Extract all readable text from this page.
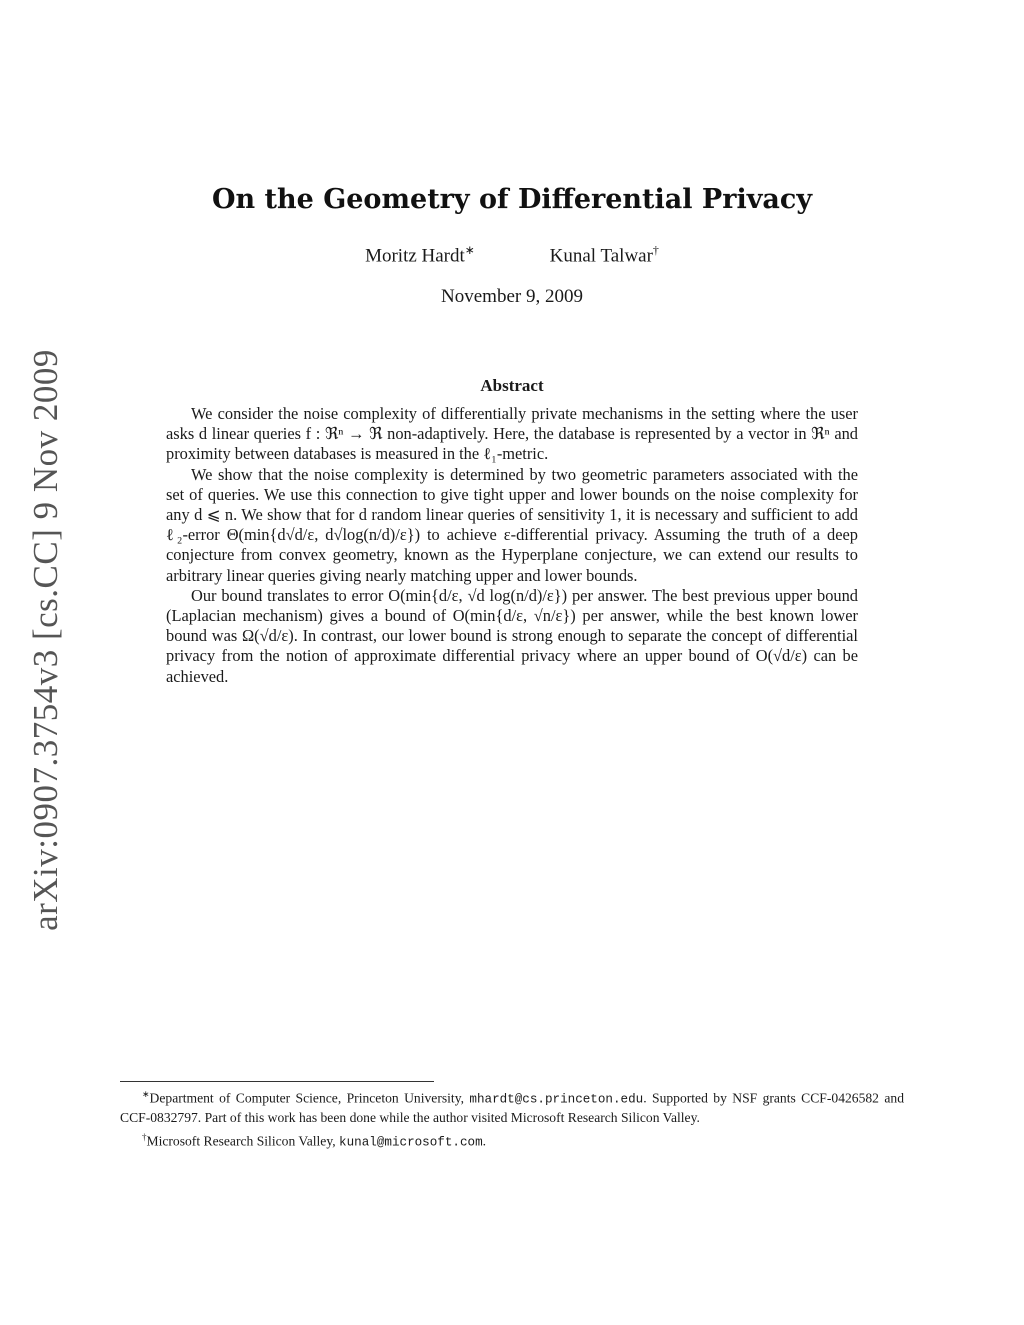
arXiv:0907.3754v3 [cs.CC] 9 Nov 2009
On the Geometry of Differential Privacy
Moritz Hardt∗	Kunal Talwar†
November 9, 2009
Abstract

We consider the noise complexity of differentially private mechanisms in the setting where the user asks d linear queries f : ℜⁿ → ℜ non-adaptively. Here, the database is represented by a vector in ℜⁿ and proximity between databases is measured in the ℓ₁-metric.

We show that the noise complexity is determined by two geometric parameters associated with the set of queries. We use this connection to give tight upper and lower bounds on the noise complexity for any d ⩽ n. We show that for d random linear queries of sensitivity 1, it is necessary and sufficient to add ℓ₂-error Θ(min{d√d/ε, d√log(n/d)/ε}) to achieve ε-differential privacy. Assuming the truth of a deep conjecture from convex geometry, known as the Hyperplane conjecture, we can extend our results to arbitrary linear queries giving nearly matching upper and lower bounds.

Our bound translates to error O(min{d/ε, √d log(n/d)/ε}) per answer. The best previous upper bound (Laplacian mechanism) gives a bound of O(min{d/ε, √n/ε}) per answer, while the best known lower bound was Ω(√d/ε). In contrast, our lower bound is strong enough to separate the concept of differential privacy from the notion of approximate differential privacy where an upper bound of O(√d/ε) can be achieved.

∗Department of Computer Science, Princeton University, mhardt@cs.princeton.edu. Supported by NSF grants CCF-0426582 and CCF-0832797. Part of this work has been done while the author visited Microsoft Research Silicon Valley.

†Microsoft Research Silicon Valley, kunal@microsoft.com.
